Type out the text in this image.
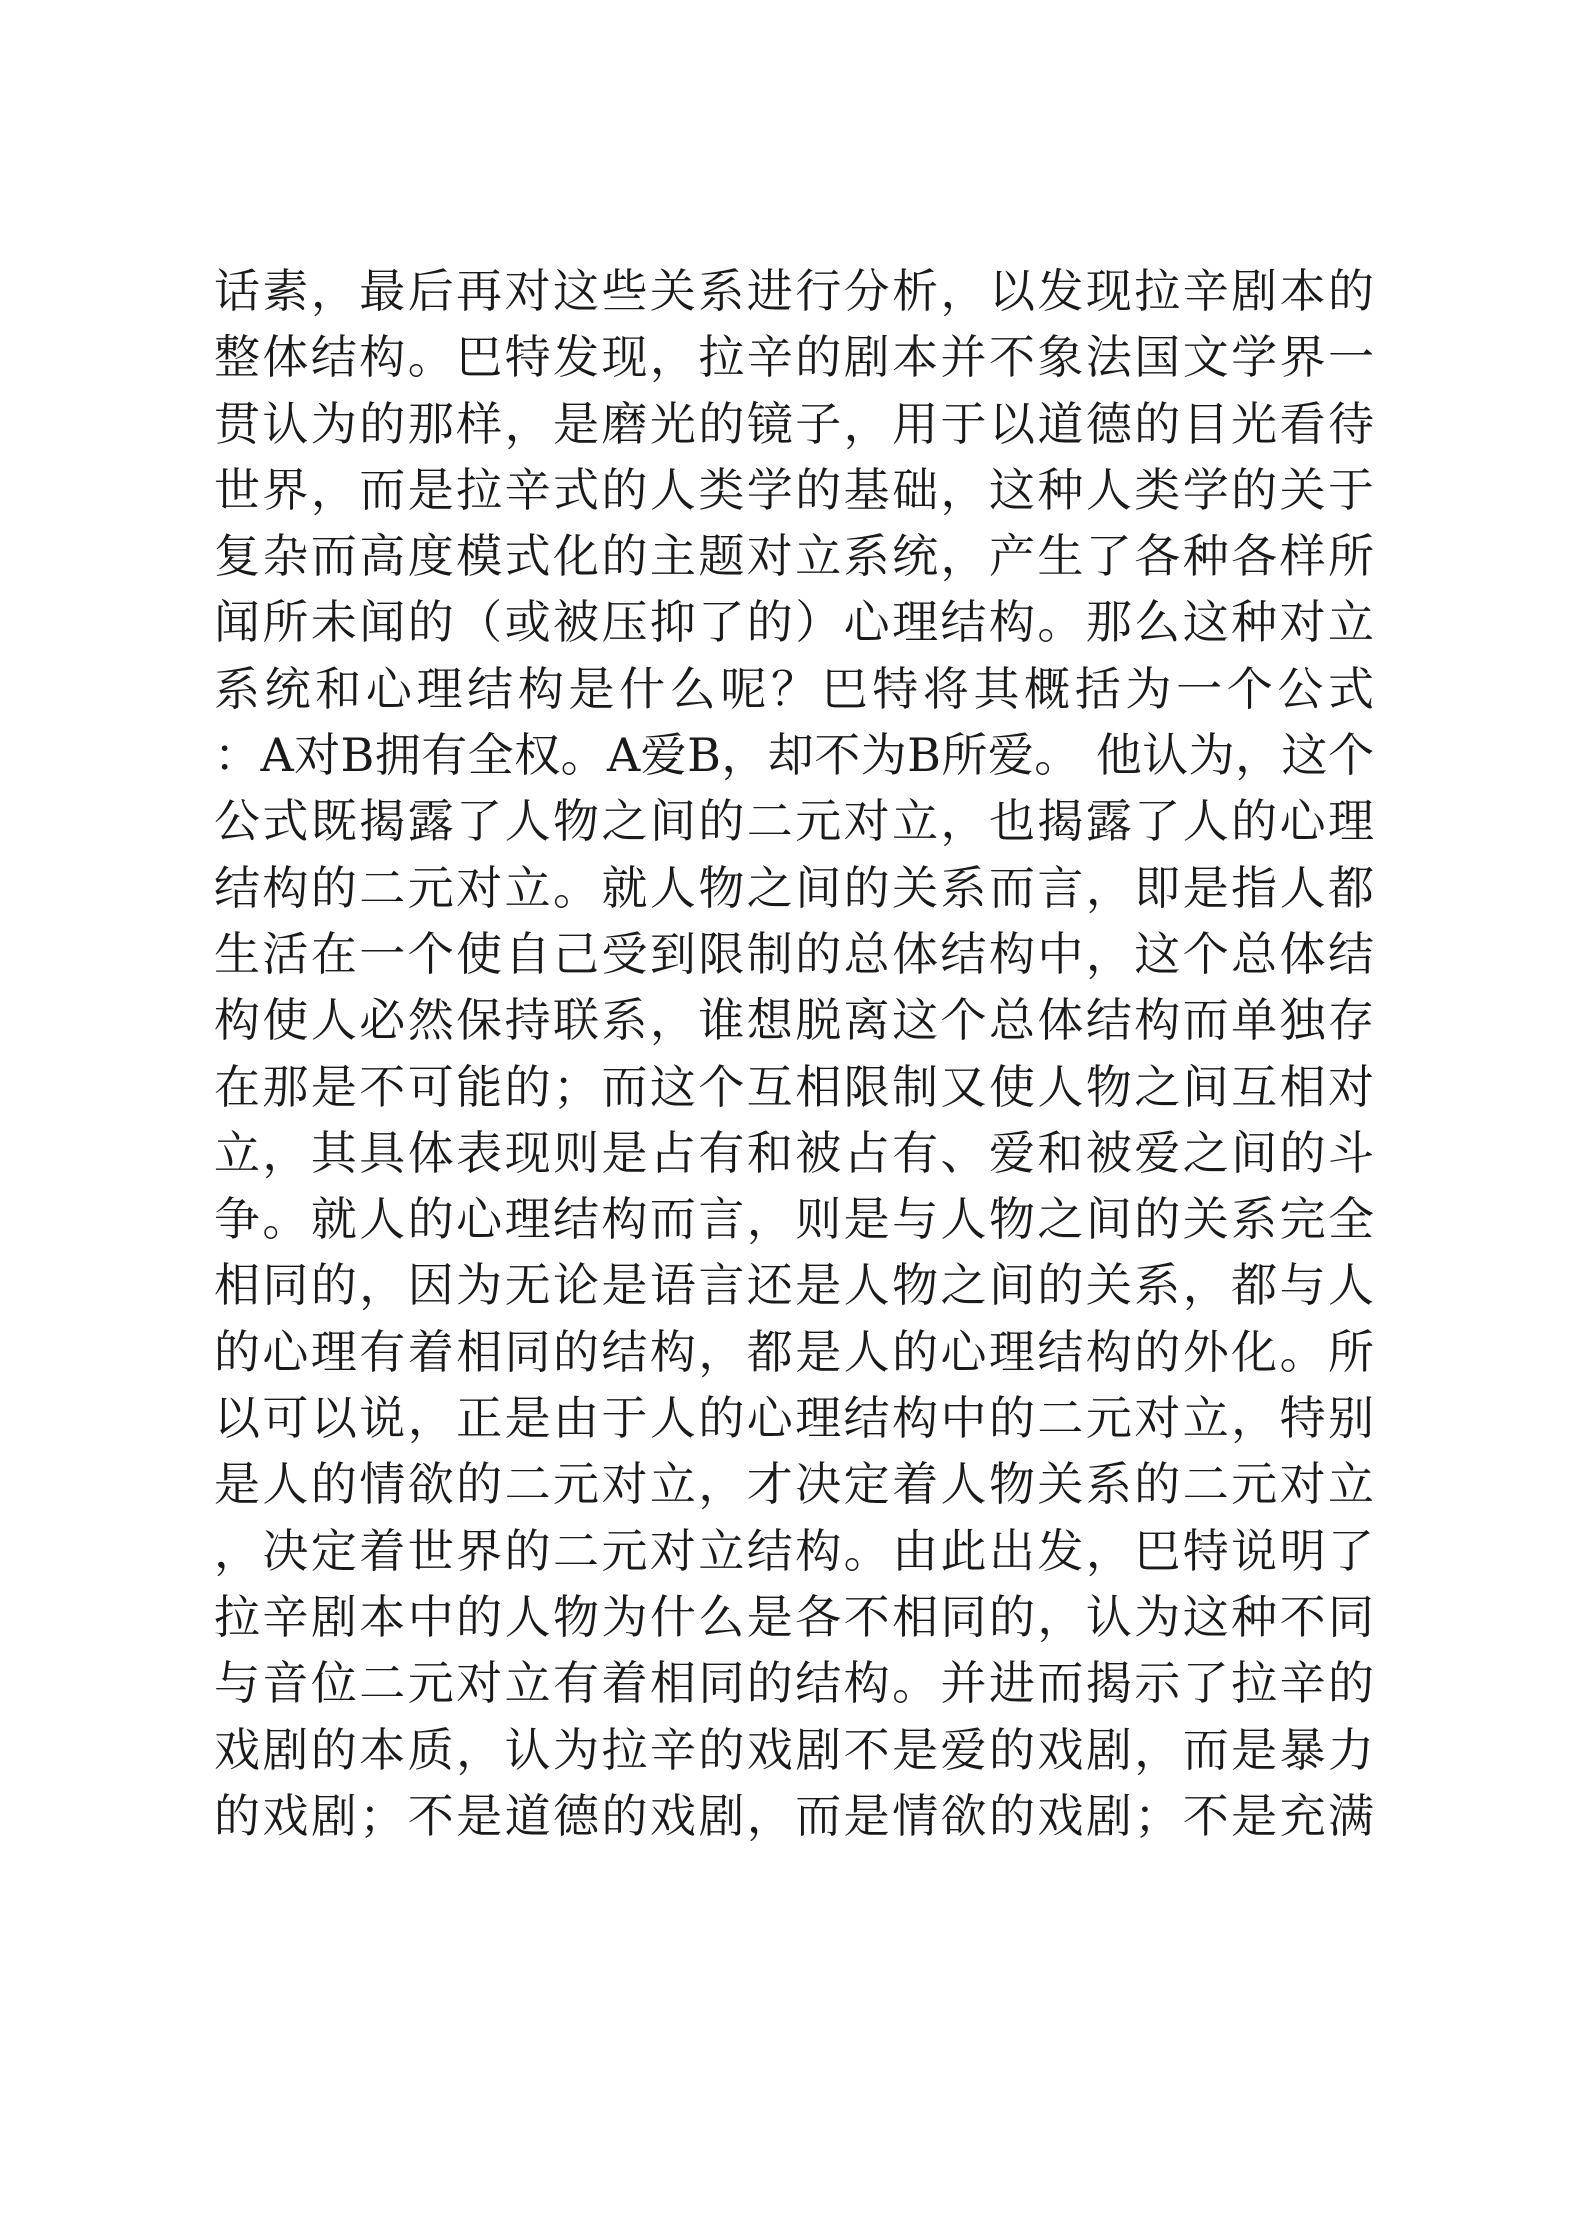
话素，最后再对这些关系进行分析，以发现拉辛剧本的
整体结构。巴特发现，拉辛的剧本并不象法国文学界一
贯认为的那样，是磨光的镜子，用于以道德的目光看待
世界，而是拉辛式的人类学的基础，这种人类学的关于
复杂而高度模式化的主题对立系统，产生了各种各样所
闻所未闻的（或被压抑了的）心理结构。那么这种对立
系统和心理结构是什么呢？巴特将其概括为一个公式
：A对B拥有全权。A爱B，却不为B所爱。 他认为，这个
公式既揭露了人物之间的二元对立，也揭露了人的心理
结构的二元对立。就人物之间的关系而言，即是指人都
生活在一个使自己受到限制的总体结构中，这个总体结
构使人必然保持联系，谁想脱离这个总体结构而单独存
在那是不可能的；而这个互相限制又使人物之间互相对
立，其具体表现则是占有和被占有、爱和被爱之间的斗
争。就人的心理结构而言，则是与人物之间的关系完全
相同的，因为无论是语言还是人物之间的关系，都与人
的心理有着相同的结构，都是人的心理结构的外化。所
以可以说，正是由于人的心理结构中的二元对立，特别
是人的情欲的二元对立，才决定着人物关系的二元对立
，决定着世界的二元对立结构。由此出发，巴特说明了
拉辛剧本中的人物为什么是各不相同的，认为这种不同
与音位二元对立有着相同的结构。并进而揭示了拉辛的
戏剧的本质，认为拉辛的戏剧不是爱的戏剧，而是暴力
的戏剧；不是道德的戏剧，而是情欲的戏剧；不是充满
